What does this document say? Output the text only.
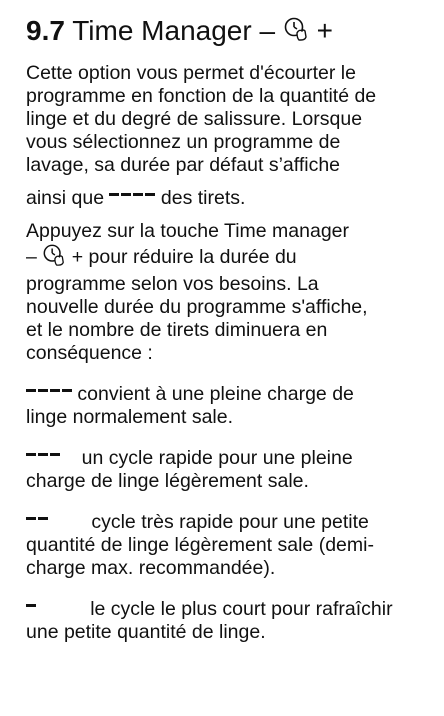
9.7 Time Manager – +

Cette option vous permet d'écourter le
programme en fonction de la quantité de
linge et du degré de salissure. Lorsque
vous sélectionnez un programme de
lavage, sa durée par défaut s’affiche

ainsi que	des tirets.

Appuyez sur la touche Time manager
– + pour réduire la durée du
programme selon vos besoins. La
nouvelle durée du programme s'affiche,
et le nombre de tirets diminuera en
conséquence :

convient à une pleine charge de
linge normalement sale.

un cycle rapide pour une pleine
charge de linge légèrement sale.

cycle très rapide pour une petite
quantité de linge légèrement sale (demi-
charge max. recommandée).

le cycle le plus court pour rafraîchir
une petite quantité de linge.
